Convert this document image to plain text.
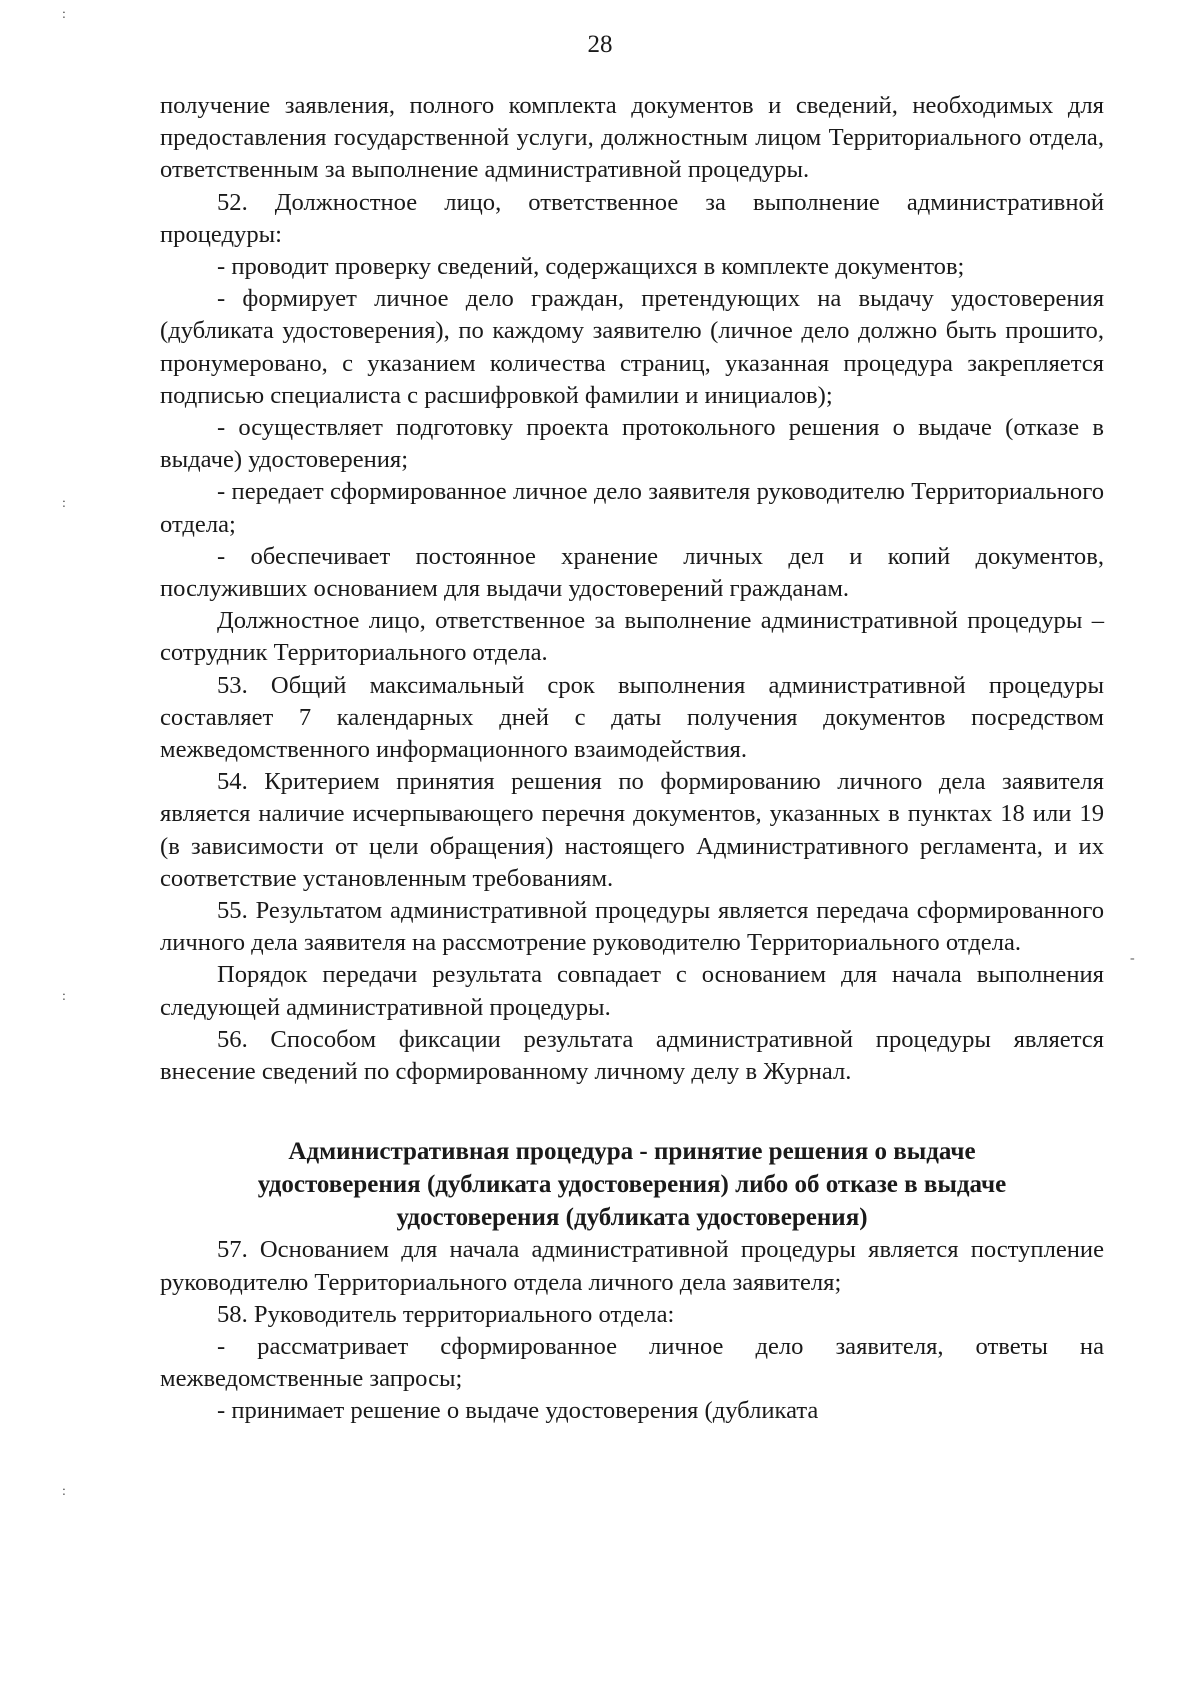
28
:
:
:
:
-

получение заявления, полного комплекта документов и сведений, необходимых для предоставления государственной услуги, должностным лицом Территориального отдела, ответственным за выполнение административной процедуры.

52. Должностное лицо, ответственное за выполнение административной процедуры:

- проводит проверку сведений, содержащихся в комплекте документов;

- формирует личное дело граждан, претендующих на выдачу удостоверения (дубликата удостоверения), по каждому заявителю (личное дело должно быть прошито, пронумеровано, с указанием количества страниц, указанная процедура закрепляется подписью специалиста с расшифровкой фамилии и инициалов);

- осуществляет подготовку проекта протокольного решения о выдаче (отказе в выдаче) удостоверения;

- передает сформированное личное дело заявителя руководителю Территориального отдела;

- обеспечивает постоянное хранение личных дел и копий документов, послуживших основанием для выдачи удостоверений гражданам.

Должностное лицо, ответственное за выполнение административной процедуры – сотрудник Территориального отдела.

53. Общий максимальный срок выполнения административной процедуры составляет 7 календарных дней с даты получения документов посредством межведомственного информационного взаимодействия.

54. Критерием принятия решения по формированию личного дела заявителя является наличие исчерпывающего перечня документов, указанных в пунктах 18 или 19 (в зависимости от цели обращения) настоящего Административного регламента, и их соответствие установленным требованиям.

55. Результатом административной процедуры является передача сформированного личного дела заявителя на рассмотрение руководителю Территориального отдела.

Порядок передачи результата совпадает с основанием для начала выполнения следующей административной процедуры.

56. Способом фиксации результата административной процедуры является внесение сведений по сформированному личному делу в Журнал.

Административная процедура - принятие решения о выдаче
удостоверения (дубликата удостоверения) либо об отказе в выдаче
удостоверения (дубликата удостоверения)

57. Основанием для начала административной процедуры является поступление руководителю Территориального отдела личного дела заявителя;

58. Руководитель территориального отдела:

- рассматривает сформированное личное дело заявителя, ответы на межведомственные запросы;

- принимает решение о выдаче удостоверения (дубликата
